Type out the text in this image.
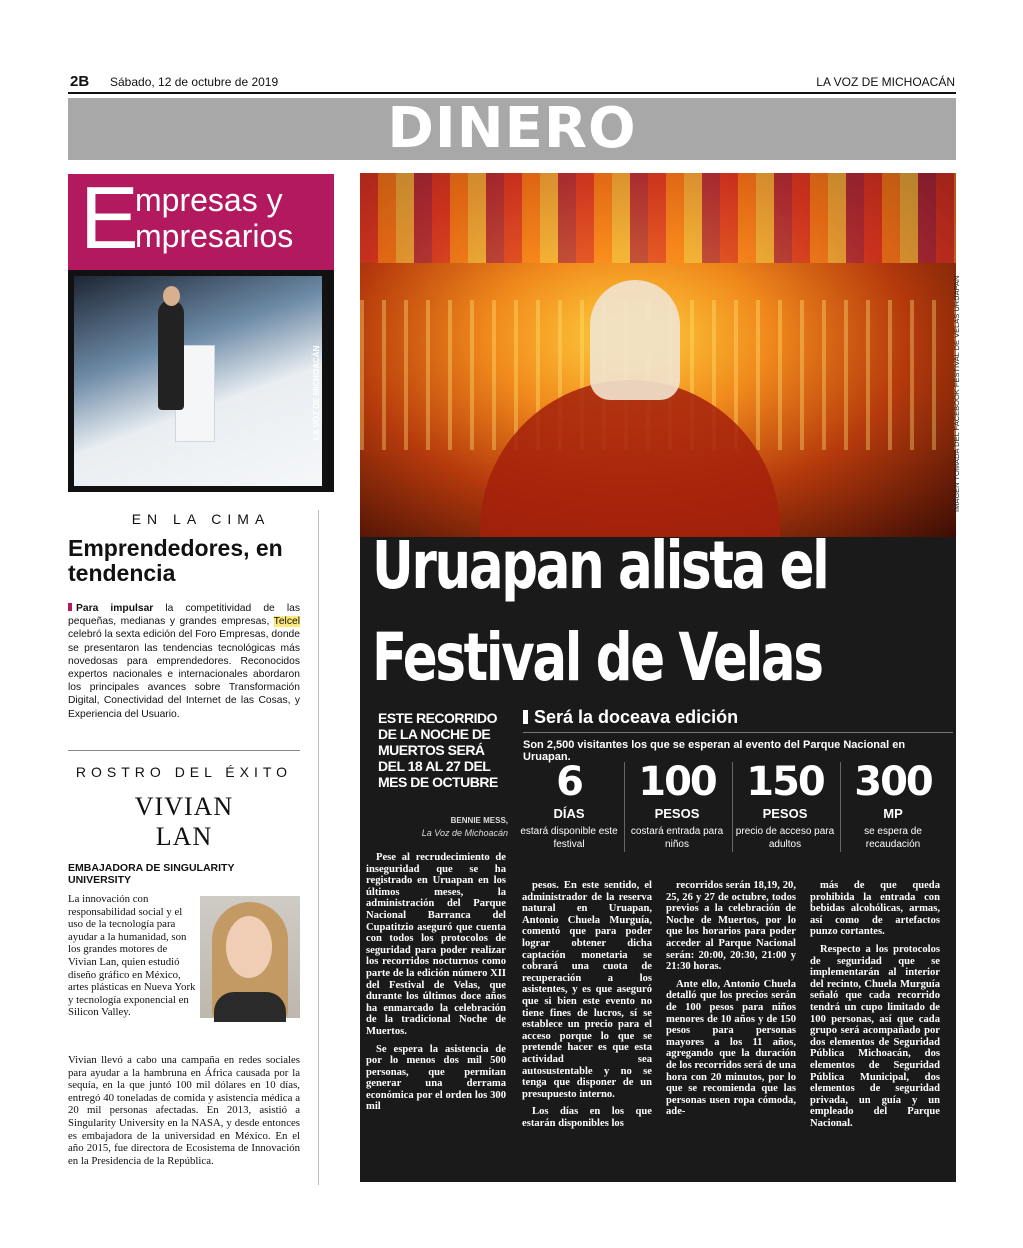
2B Sábado, 12 de octubre de 2019	LA VOZ DE MICHOACÁN
DINERO
E
mpresas y
mpresarios
LA VOZ DE MICHOACÁN
EN LA CIMA
Emprendedores, en tendencia
Para impulsar la competitividad de las pequeñas, medianas y grandes empresas, Telcel celebró la sexta edición del Foro Empresas, donde se presentaron las tendencias tecnológicas más novedosas para emprendedores. Reconocidos expertos nacionales e internacionales abordaron los principales avances sobre Transformación Digital, Conectividad del Internet de las Cosas, y Experiencia del Usuario.
ROSTRO DEL ÉXITO
VIVIAN
LAN
EMBAJADORA DE SINGULARITY UNIVERSITY
La innovación con responsabilidad social y el uso de la tecnología para ayudar a la humanidad, son los grandes motores de Vivian Lan, quien estudió diseño gráfico en México, artes plásticas en Nueva York y tecnología exponencial en Silicon Valley.
Vivian llevó a cabo una campaña en redes sociales para ayudar a la hambruna en África causada por la sequía, en la que juntó 100 mil dólares en 10 días, entregó 40 toneladas de comida y asistencia médica a 20 mil personas afectadas. En 2013, asistió a Singularity University en la NASA, y desde entonces es embajadora de la universidad en México. En el año 2015, fue directora de Ecosistema de Innovación en la Presidencia de la República.
IMAGEN TOMADA DEL FACEBOOK FESTIVAL DE VELAS URUAPAN
Uruapan alista el
Festival de Velas
ESTE RECORRIDO DE LA NOCHE DE MUERTOS SERÁ DEL 18 AL 27 DEL MES DE OCTUBRE
Será la doceava edición
Son 2,500 visitantes los que se esperan al evento del Parque Nacional en Uruapan.
BENNIE MESS,
La Voz de Michoacán
6
DÍAS
estará disponible este festival
100
PESOS
costará entrada para niños
150
PESOS
precio de acceso para adultos
300
MP
se espera de recaudación

Pese al recrudecimiento de inseguridad que se ha registrado en Uruapan en los últimos meses, la administración del Parque Nacional Barranca del Cupatitzio aseguró que cuenta con todos los protocolos de seguridad para poder realizar los recorridos nocturnos como parte de la edición número XII del Festival de Velas, que durante los últimos doce años ha enmarcado la celebración de la tradicional Noche de Muertos.

Se espera la asistencia de por lo menos dos mil 500 personas, que permitan generar una derrama económica por el orden los 300 mil

pesos. En este sentido, el administrador de la reserva natural en Uruapan, Antonio Chuela Murguía, comentó que para poder lograr obtener dicha captación monetaria se cobrará una cuota de recuperación a los asistentes, y es que aseguró que si bien este evento no tiene fines de lucros, sí se establece un precio para el acceso porque lo que se pretende hacer es que esta actividad sea autosustentable y no se tenga que disponer de un presupuesto interno.

Los días en los que estarán disponibles los

recorridos serán 18,19, 20, 25, 26 y 27 de octubre, todos previos a la celebración de Noche de Muertos, por lo que los horarios para poder acceder al Parque Nacional serán: 20:00, 20:30, 21:00 y 21:30 horas.

Ante ello, Antonio Chuela detalló que los precios serán de 100 pesos para niños menores de 10 años y de 150 pesos para personas mayores a los 11 años, agregando que la duración de los recorridos será de una hora con 20 minutos, por lo que se recomienda que las personas usen ropa cómoda, ade-

más de que queda prohibida la entrada con bebidas alcohólicas, armas, así como de artefactos punzo cortantes.

Respecto a los protocolos de seguridad que se implementarán al interior del recinto, Chuela Murguía señaló que cada recorrido tendrá un cupo limitado de 100 personas, así que cada grupo será acompañado por dos elementos de Seguridad Pública Michoacán, dos elementos de Seguridad Pública Municipal, dos elementos de seguridad privada, un guía y un empleado del Parque Nacional.
